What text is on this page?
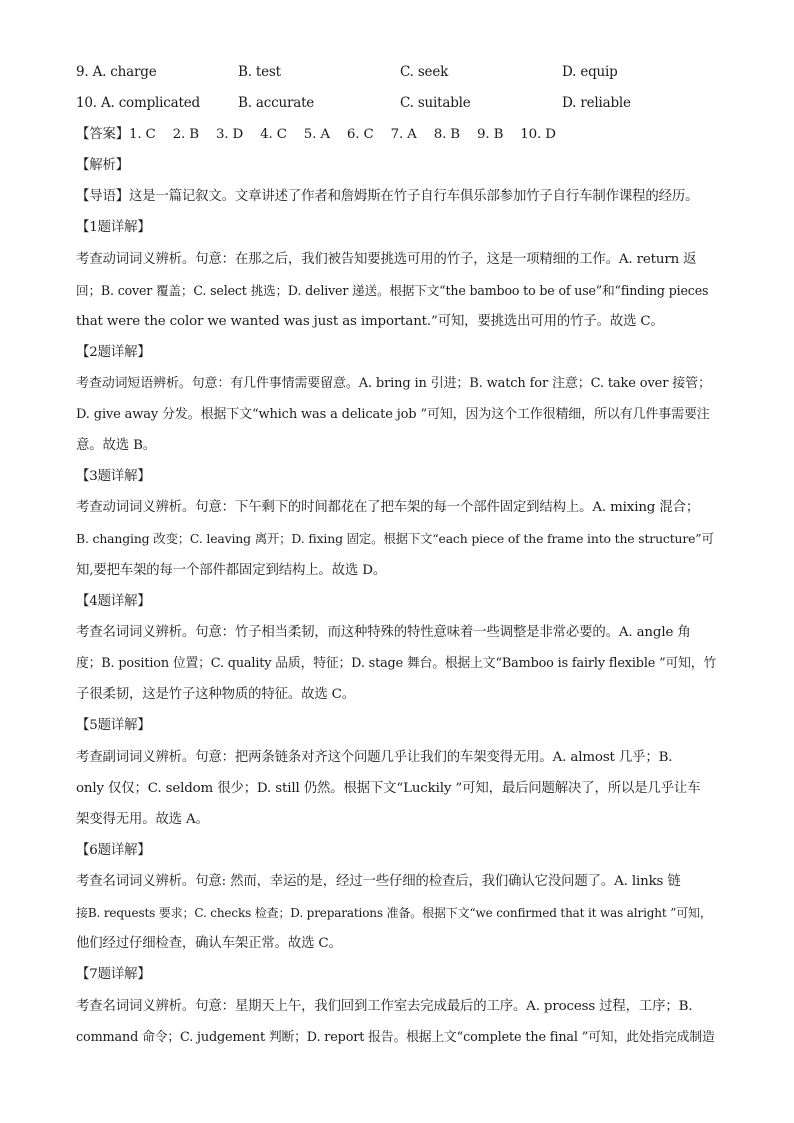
9. A. charge	B. test	C. seek	D. equip
10. A. complicated	B. accurate	C. suitable	D. reliable
【答案】1. C 2. B 3. D 4. C 5. A 6. C 7. A 8. B 9. B 10. D
【解析】
【导语】这是一篇记叙文。文章讲述了作者和詹姆斯在竹子自行车俱乐部参加竹子自行车制作课程的经历。
【1题详解】
考查动词词义辨析。句意：在那之后，我们被告知要挑选可用的竹子，这是一项精细的工作。A. return 返
回；B. cover 覆盖；C. select 挑选；D. deliver 递送。根据下文“the bamboo to be of use”和“finding pieces
that were the color we wanted was just as important.”可知，要挑选出可用的竹子。故选 C。
【2题详解】
考查动词短语辨析。句意：有几件事情需要留意。A. bring in 引进；B. watch for 注意；C. take over 接管；
D. give away 分发。根据下文“which was a delicate job ”可知，因为这个工作很精细，所以有几件事需要注
意。故选 B。
【3题详解】
考查动词词义辨析。句意：下午剩下的时间都花在了把车架的每一个部件固定到结构上。A. mixing 混合；
B. changing 改变；C. leaving 离开；D. fixing 固定。根据下文“each piece of the frame into the structure”可
知,要把车架的每一个部件都固定到结构上。故选 D。
【4题详解】
考查名词词义辨析。句意：竹子相当柔韧，而这种特殊的特性意味着一些调整是非常必要的。A. angle 角
度；B. position 位置；C. quality 品质，特征；D. stage 舞台。根据上文“Bamboo is fairly flexible ”可知，竹
子很柔韧，这是竹子这种物质的特征。故选 C。
【5题详解】
考查副词词义辨析。句意：把两条链条对齐这个问题几乎让我们的车架变得无用。A. almost 几乎；B.
only 仅仅；C. seldom 很少；D. still 仍然。根据下文“Luckily ”可知，最后问题解决了，所以是几乎让车
架变得无用。故选 A。
【6题详解】
考查名词词义辨析。句意: 然而，幸运的是，经过一些仔细的检查后，我们确认它没问题了。A. links 链
接B. requests 要求；C. checks 检查；D. preparations 准备。根据下文“we confirmed that it was alright ”可知，
他们经过仔细检查，确认车架正常。故选 C。
【7题详解】
考查名词词义辨析。句意：星期天上午，我们回到工作室去完成最后的工序。A. process 过程，工序；B.
command 命令；C. judgement 判断；D. report 报告。根据上文“complete the final ”可知，此处指完成制造
